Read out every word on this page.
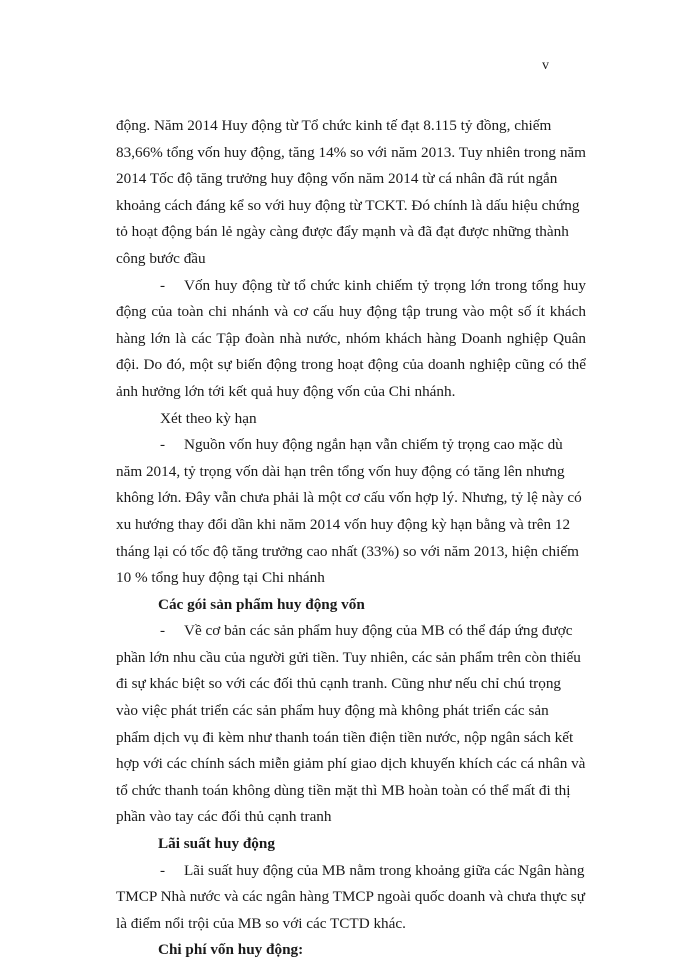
v

động. Năm 2014 Huy động từ Tổ chức kinh tế đạt 8.115 tỷ đồng, chiếm 83,66% tổng vốn huy động, tăng 14% so với năm 2013. Tuy nhiên trong năm 2014 Tốc độ tăng trưởng huy động vốn năm 2014 từ cá nhân đã rút ngắn khoảng cách đáng kể so với huy động từ TCKT. Đó chính là dấu hiệu chứng tỏ hoạt động bán lẻ ngày càng được đẩy mạnh và đã đạt được những thành công bước đầu

- Vốn huy động từ tổ chức kinh chiếm tỷ trọng lớn trong tổng huy động của toàn chi nhánh và cơ cấu huy động tập trung vào một số ít khách hàng lớn là các Tập đoàn nhà nước, nhóm khách hàng Doanh nghiệp Quân đội. Do đó, một sự biến động trong hoạt động của doanh nghiệp cũng có thể ảnh hưởng lớn tới kết quả huy động vốn của Chi nhánh.

Xét theo kỳ hạn

- Nguồn vốn huy động ngắn hạn vẫn chiếm tỷ trọng cao mặc dù năm 2014, tỷ trọng vốn dài hạn trên tổng vốn huy động có tăng lên nhưng không lớn. Đây vẫn chưa phải là một cơ cấu vốn hợp lý. Nhưng, tỷ lệ này có xu hướng thay đổi dần khi năm 2014 vốn huy động kỳ hạn bằng và trên 12 tháng lại có tốc độ tăng trưởng cao nhất (33%) so với năm 2013, hiện chiếm 10 % tổng huy động tại Chi nhánh

Các gói sản phẩm huy động vốn

- Về cơ bản các sản phẩm huy động của MB có thể đáp ứng được phần lớn nhu cầu của người gửi tiền. Tuy nhiên, các sản phẩm trên còn thiếu đi sự khác biệt so với các đối thủ cạnh tranh. Cũng như nếu chỉ chú trọng vào việc phát triển các sản phẩm huy động mà không phát triển các sản phẩm dịch vụ đi kèm như thanh toán tiền điện tiền nước, nộp ngân sách kết hợp với các chính sách miễn giảm phí giao dịch khuyến khích các cá nhân và tổ chức thanh toán không dùng tiền mặt thì MB hoàn toàn có thể mất đi thị phần vào tay các đối thủ cạnh tranh

Lãi suất huy động

- Lãi suất huy động của MB nằm trong khoảng giữa các Ngân hàng TMCP Nhà nước và các ngân hàng TMCP ngoài quốc doanh và chưa thực sự là điểm nổi trội của MB so với các TCTD khác.

Chi phí vốn huy động:
